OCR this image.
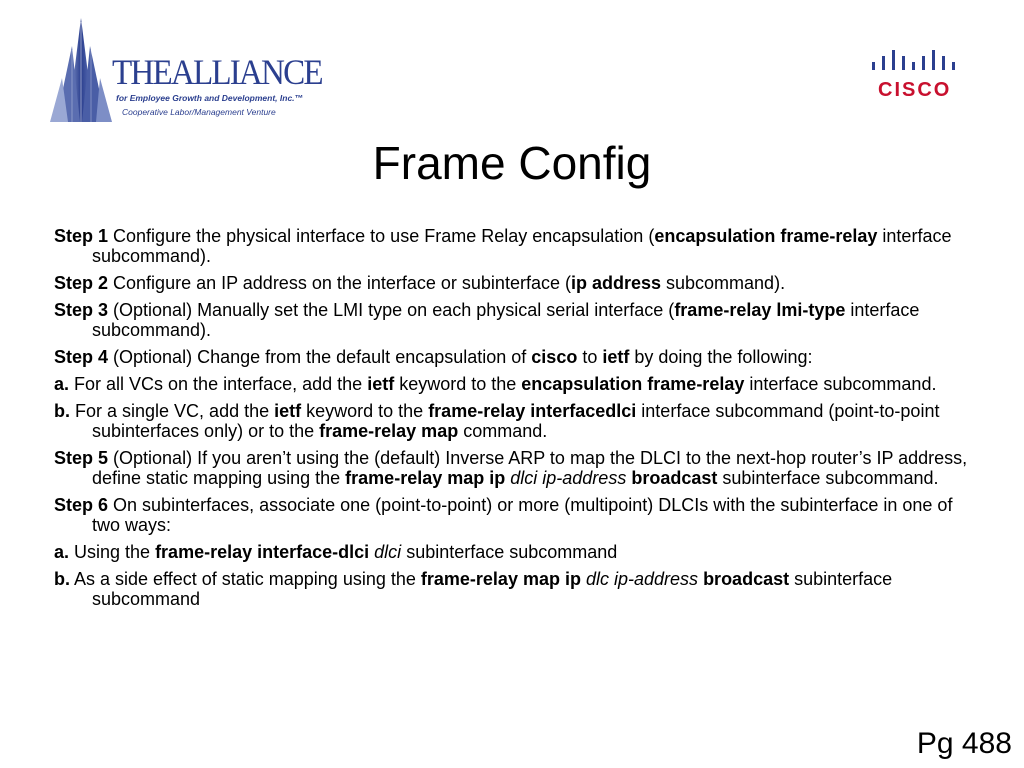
THEALLIANCE
for Employee Growth and Development, Inc.™
Cooperative Labor/Management Venture
CISCO
Frame Config
Step 1 Configure the physical interface to use Frame Relay encapsulation (encapsulation frame-relay interface subcommand).
Step 2 Configure an IP address on the interface or subinterface (ip address subcommand).
Step 3 (Optional) Manually set the LMI type on each physical serial interface (frame-relay lmi-type interface subcommand).
Step 4 (Optional) Change from the default encapsulation of cisco to ietf by doing the following:
a. For all VCs on the interface, add the ietf keyword to the encapsulation frame-relay interface subcommand.
b. For a single VC, add the ietf keyword to the frame-relay interfacedlci interface subcommand (point-to-point subinterfaces only) or to the frame-relay map command.
Step 5 (Optional) If you aren’t using the (default) Inverse ARP to map the DLCI to the next-hop router’s IP address, define static mapping using the frame-relay map ip dlci ip-address broadcast subinterface subcommand.
Step 6 On subinterfaces, associate one (point-to-point) or more (multipoint) DLCIs with the subinterface in one of two ways:
a. Using the frame-relay interface-dlci dlci subinterface subcommand
b. As a side effect of static mapping using the frame-relay map ip dlc ip-address broadcast subinterface subcommand
Pg 488
